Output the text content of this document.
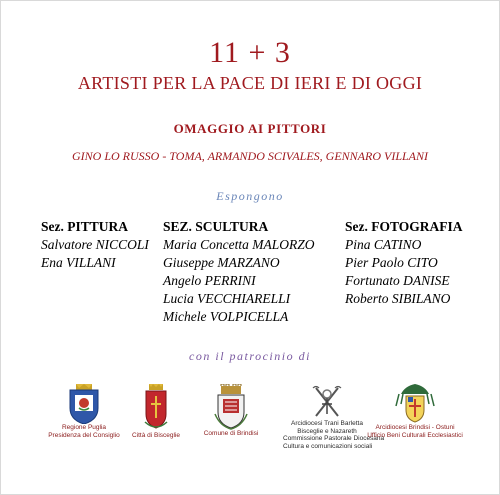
11 + 3
ARTISTI PER LA PACE DI IERI E DI OGGI
OMAGGIO AI PITTORI
GINO LO RUSSO - TOMA, ARMANDO SCIVALES, GENNARO VILLANI
Espongono
Sez. PITTURA
Salvatore NICCOLI
Ena VILLANI
SEZ. SCULTURA
Maria Concetta MALORZO
Giuseppe MARZANO
Angelo PERRINI
Lucia VECCHIARELLI
Michele VOLPICELLA
Sez. FOTOGRAFIA
Pina CATINO
Pier Paolo CITO
Fortunato DANISE
Roberto SIBILANO
con il patrocinio di
Regione Puglia
Presidenza del Consiglio	Città di Bisceglie	Comune di Brindisi
Arcidiocesi Trani Barletta
Bisceglie e Nazareth
Commissione Pastorale Diocesana
Cultura e comunicazioni sociali
Arcidiocesi Brindisi - Ostuni
Ufficio Beni Culturali Ecclesiastici
